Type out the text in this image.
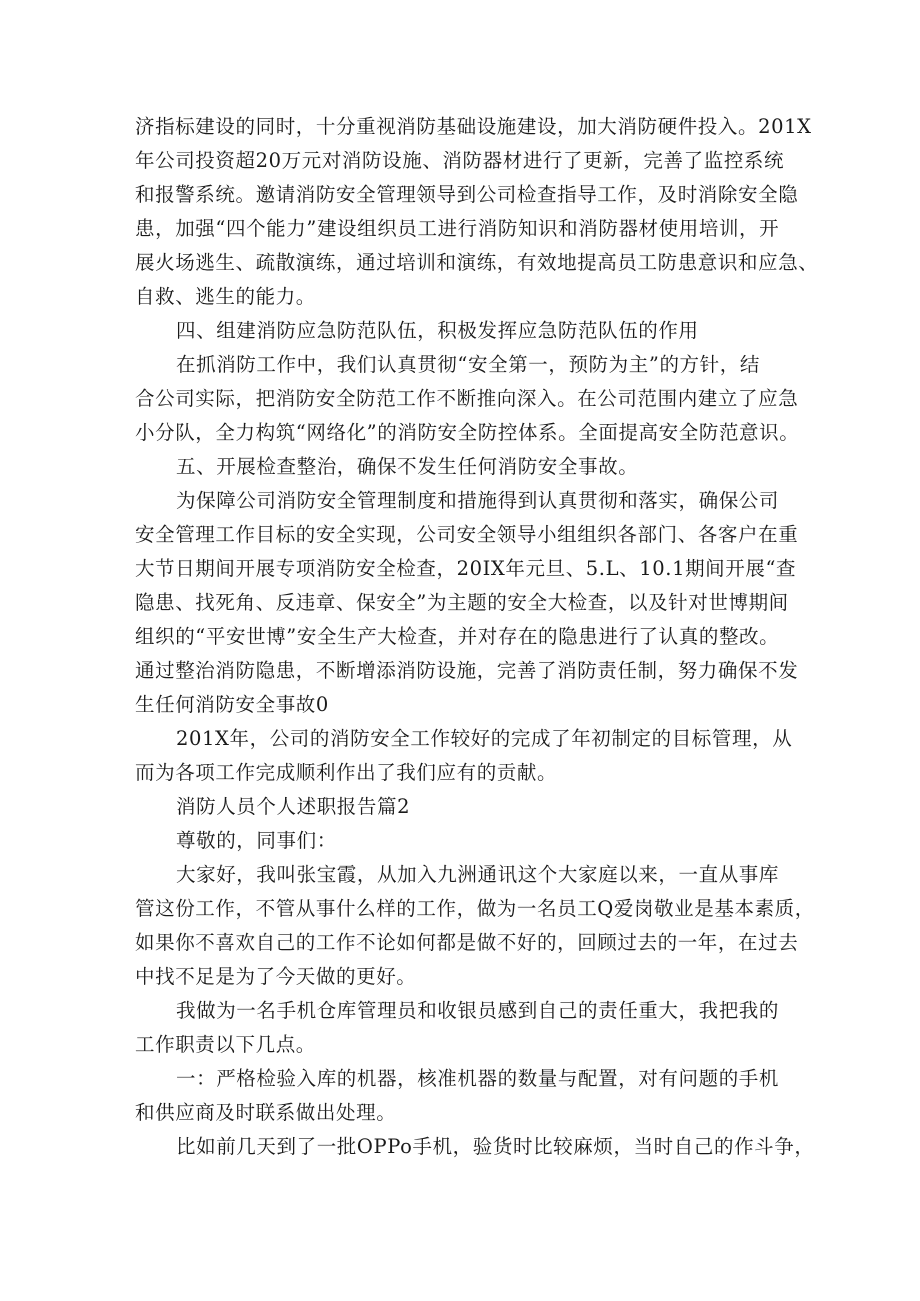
济指标建设的同时，十分重视消防基础设施建设，加大消防硬件投入。201X
年公司投资超20万元对消防设施、消防器材进行了更新，完善了监控系统
和报警系统。邀请消防安全管理领导到公司检查指导工作，及时消除安全隐
患，加强“四个能力”建设组织员工进行消防知识和消防器材使用培训，开
展火场逃生、疏散演练，通过培训和演练，有效地提高员工防患意识和应急、
自救、逃生的能力。
四、组建消防应急防范队伍，积极发挥应急防范队伍的作用
在抓消防工作中，我们认真贯彻“安全第一，预防为主”的方针，结
合公司实际，把消防安全防范工作不断推向深入。在公司范围内建立了应急
小分队，全力构筑“网络化”的消防安全防控体系。全面提高安全防范意识。
五、开展检查整治，确保不发生任何消防安全事故。
为保障公司消防安全管理制度和措施得到认真贯彻和落实，确保公司
安全管理工作目标的安全实现，公司安全领导小组组织各部门、各客户在重
大节日期间开展专项消防安全检查，20IX年元旦、5.L、10.1期间开展“查
隐患、找死角、反违章、保安全”为主题的安全大检查，以及针对世博期间
组织的“平安世博”安全生产大检查，并对存在的隐患进行了认真的整改。
通过整治消防隐患，不断增添消防设施，完善了消防责任制，努力确保不发
生任何消防安全事故0
201X年，公司的消防安全工作较好的完成了年初制定的目标管理，从
而为各项工作完成顺利作出了我们应有的贡献。
消防人员个人述职报告篇2
尊敬的，同事们：
大家好，我叫张宝霞，从加入九洲通讯这个大家庭以来，一直从事库
管这份工作，不管从事什么样的工作，做为一名员工Q爱岗敬业是基本素质，
如果你不喜欢自己的工作不论如何都是做不好的，回顾过去的一年，在过去
中找不足是为了今天做的更好。
我做为一名手机仓库管理员和收银员感到自己的责任重大，我把我的
工作职责以下几点。
一：严格检验入库的机器，核准机器的数量与配置，对有问题的手机
和供应商及时联系做出处理。
比如前几天到了一批OPPo手机，验货时比较麻烦，当时自己的作斗争，
